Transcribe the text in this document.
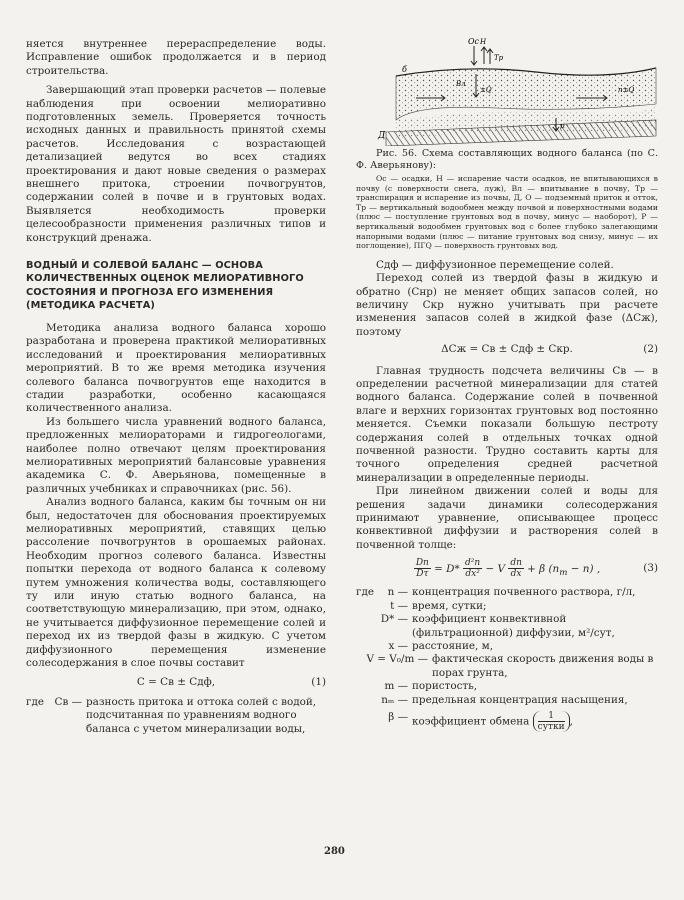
няется внутреннее перераспределение воды. Исправление ошибок продолжается и в период строительства.

Завершающий этап проверки расчетов — полевые наблюдения при освоении мелиоративно подготовленных земель. Проверяется точность исходных данных и правильность принятой схемы расчетов. Исследования с возрастающей детализацией ведутся во всех стадиях проектирования и дают новые сведения о размерах внешнего притока, строении почвогрунтов, содержании солей в почве и в грунтовых водах. Выявляется необходимость проверки целесообразности применения различных типов и конструкций дренажа.

ВОДНЫЙ И СОЛЕВОЙ БАЛАНС — ОСНОВА КОЛИЧЕСТВЕННЫХ ОЦЕНОК МЕЛИОРАТИВНОГО СОСТОЯНИЯ И ПРОГНОЗА ЕГО ИЗМЕНЕНИЯ (МЕТОДИКА РАСЧЕТА)

Методика анализа водного баланса хорошо разработана и проверена практикой мелиоративных исследований и проектирования мелиоративных мероприятий. В то же время методика изучения солевого баланса почвогрунтов еще находится в стадии разработки, особенно касающаяся количественного анализа.

Из большего числа уравнений водного баланса, предложенных мелиораторами и гидрогеологами, наиболее полно отвечают целям проектирования мелиоративных мероприятий балансовые уравнения академика С. Ф. Аверьянова, помещенные в различных учебниках и справочниках (рис. 56).

Анализ водного баланса, каким бы точным он ни был, недостаточен для обоснования проектируемых мелиоративных мероприятий, ставящих целью рассоление почвогрунтов в орошаемых районах. Необходим прогноз солевого баланса. Известны попытки перехода от водного баланса к солевому путем умножения количества воды, составляющего ту или иную статью водного баланса, на соответствующую минерализацию, при этом, однако, не учитывается диффузионное перемещение солей и переход их из твердой фазы в жидкую. С учетом диффузионного перемещения изменение солесодержания в слое почвы составит

C = Cв ± Cдф,	(1)
где	Cв — разность притока и оттока солей с водой, подсчитанная по уравнениям водного баланса с учетом минерализации воды,
Ос Н
Тр
б
Вл
±Q	n±Q
р
Д

Рис. 56. Схема составляющих водного баланса (по С. Ф. Аверьянову):

Ос — осадки, Н — испарение части осадков, не впитывающихся в почву (с поверхности снега, луж), Вл — впитывание в почву, Тр — транспирация и испарение из почвы, Д, О — подземный приток и отток, Тр — вертикальный водообмен между почвой и поверхностными водами (плюс — поступление грунтовых вод в почву, минус — наоборот), Р — вертикальный водообмен грунтовых вод с более глубоко залегающими напорными водами (плюс — питание грунтовых вод снизу, минус — их поглощение), ПГQ — поверхность грунтовых вод.

Cдф — диффузионное перемещение солей.

Переход солей из твердой фазы в жидкую и обратно (Cнр) не меняет общих запасов солей, но величину Cкр нужно учитывать при расчете изменения запасов солей в жидкой фазе (ΔCж), поэтому

ΔCж = Cв ± Cдф ± Cкр.	(2)

Главная трудность подсчета величины Cв — в определении расчетной минерализации для статей водного баланса. Содержание солей в почвенной влаге и верхних горизонтах грунтовых вод постоянно меняется. Съемки показали большую пестроту содержания солей в отдельных точках одной почвенной разности. Трудно составить карты для точного определения средней расчетной минерализации в определенные периоды.

При линейном движении солей и воды для решения задачи динамики солесодержания принимают уравнение, описывающее процесс конвективной диффузии и растворения солей в почвенной толще:

$\frac{Dn}{D\tau} = D* \frac{\text{d²n}}{\text{dx²}} - V \frac{dn}{dx} + \beta$ $(n_m - n)$ ,	(3)
где	n — концентрация почвенного раствора, г/л,
t — время, сутки;
D* — коэффициент конвективной (фильтрационной) диффузии, м²/сут,
x — расстояние, м,
V = V₀/m — фактическая скорость движения воды в порах грунта,
m — пористость,
nₘ — предельная концентрация насыщения,
β — коэффициент обмена $\frac{1}{\text{сутки}}$ ,
280
